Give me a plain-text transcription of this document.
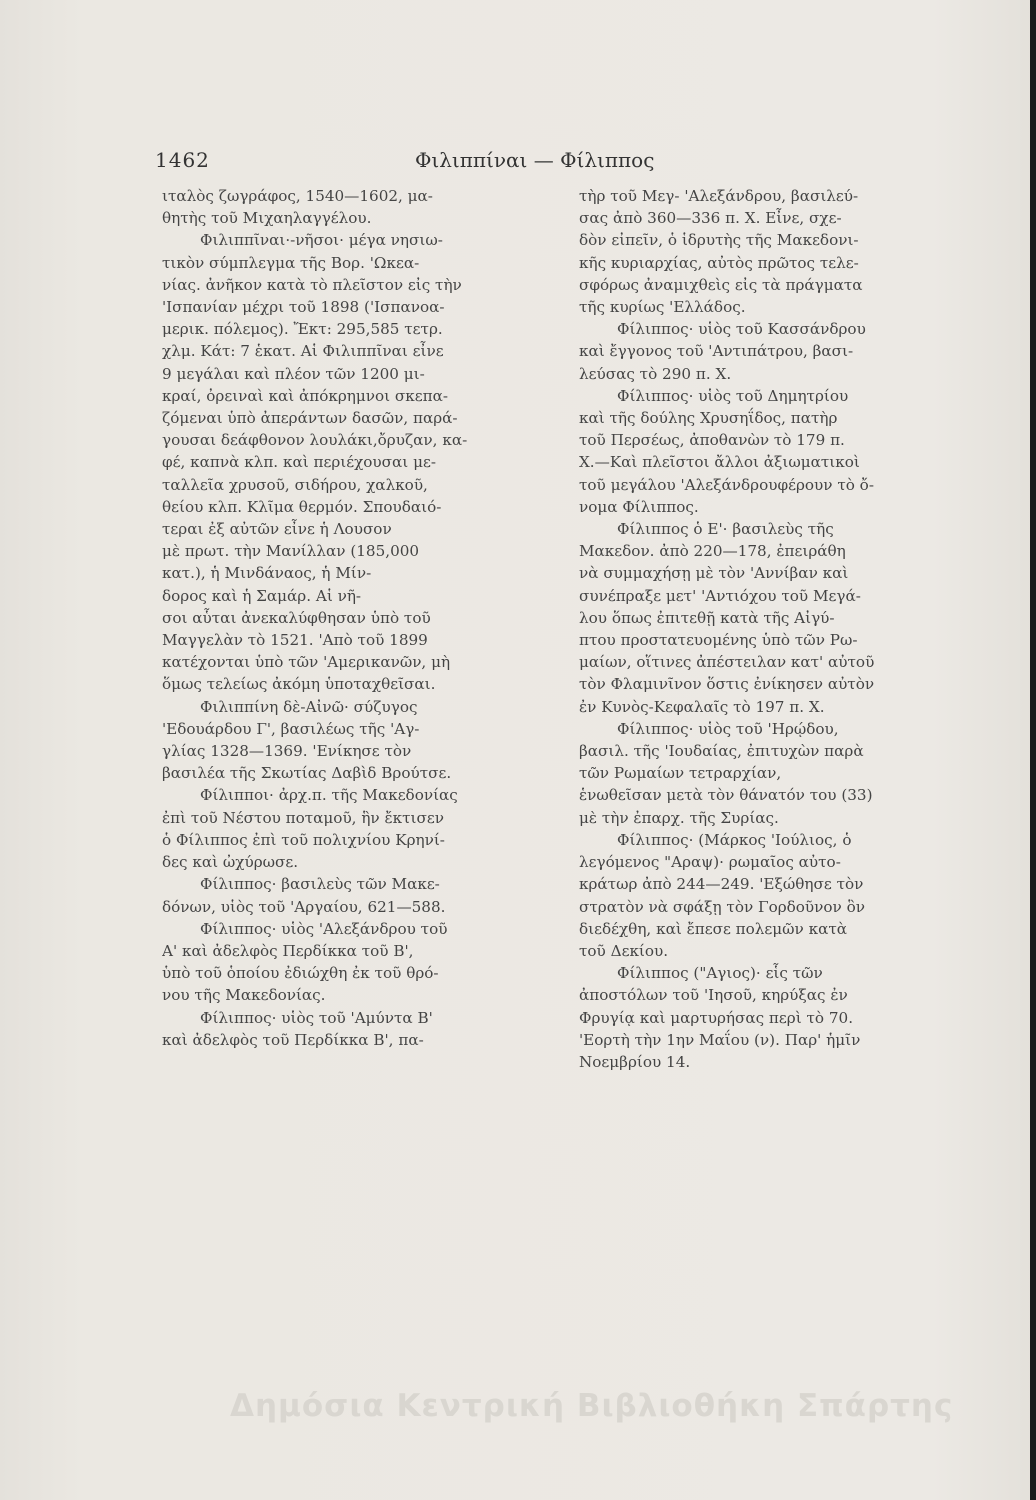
1462	Φιλιππίναι — Φίλιππος
ιταλὸς ζωγράφος, 1540—1602, μα-
θητὴς τοῦ Μιχαηλαγγέλου.
Φιλιππῖναι·-νῆσοι· μέγα νησιω-
τικὸν σύμπλεγμα τῆς Βορ. 'Ωκεα-
νίας. ἀνῆκον κατὰ τὸ πλεῖστον εἰς τὴν
'Ισπανίαν μέχρι τοῦ 1898 ('Ισπανοα-
μερικ. πόλεμος). Ἔκτ: 295,585 τετρ.
χλμ. Κάτ: 7 ἑκατ. Αἱ Φιλιππῖναι εἶνε
9 μεγάλαι καὶ πλέον τῶν 1200 μι-
κραί, ὀρειναὶ καὶ ἀπόκρημνοι σκεπα-
ζόμεναι ὑπὸ ἀπεράντων δασῶν, παρά-
γουσαι δεάφθονον λουλάκι,ὄρυζαν, κα-
φέ, καπνὰ κλπ. καὶ περιέχουσαι με-
ταλλεῖα χρυσοῦ, σιδήρου, χαλκοῦ,
θείου κλπ. Κλῖμα θερμόν. Σπουδαιό-
τεραι ἐξ αὐτῶν εἶνε ἡ Λουσον
μὲ πρωτ. τὴν Μανίλλαν (185,000
κατ.), ἡ Μινδάναος, ἡ Μίν-
δορος καὶ ἡ Σαμάρ. Αἱ νῆ-
σοι αὗται ἀνεκαλύφθησαν ὑπὸ τοῦ
Μαγγελὰν τὸ 1521. 'Απὸ τοῦ 1899
κατέχονται ὑπὸ τῶν 'Αμερικανῶν, μὴ
ὅμως τελείως ἀκόμη ὑποταχθεῖσαι.
Φιλιππίνη δὲ-Αἰνῶ· σύζυγος
'Εδουάρδου Γ', βασιλέως τῆς 'Αγ-
γλίας 1328—1369. 'Ενίκησε τὸν
βασιλέα τῆς Σκωτίας Δαβὶδ Βρούτσε.
Φίλιπποι· ἀρχ.π. τῆς Μακεδονίας
ἐπὶ τοῦ Νέστου ποταμοῦ, ἣν ἔκτισεν
ὁ Φίλιππος ἐπὶ τοῦ πολιχνίου Κρηνί-
δες καὶ ὠχύρωσε.
Φίλιππος· βασιλεὺς τῶν Μακε-
δόνων, υἱὸς τοῦ 'Αργαίου, 621—588.
Φίλιππος· υἱὸς 'Αλεξάνδρου τοῦ
Α' καὶ ἀδελφὸς Περδίκκα τοῦ Β',
ὑπὸ τοῦ ὁποίου ἐδιώχθη ἐκ τοῦ θρό-
νου τῆς Μακεδονίας.
Φίλιππος· υἱὸς τοῦ 'Αμύντα Β'
καὶ ἀδελφὸς τοῦ Περδίκκα Β', πα-
τὴρ τοῦ Μεγ- 'Αλεξάνδρου, βασιλεύ-
σας ἀπὸ 360—336 π. Χ. Εἶνε, σχε-
δὸν εἰπεῖν, ὁ ἱδρυτὴς τῆς Μακεδονι-
κῆς κυριαρχίας, αὐτὸς πρῶτος τελε-
σφόρως ἀναμιχθεὶς εἰς τὰ πράγματα
τῆς κυρίως 'Ελλάδος.
Φίλιππος· υἱὸς τοῦ Κασσάνδρου
καὶ ἔγγονος τοῦ 'Αντιπάτρου, βασι-
λεύσας τὸ 290 π. Χ.
Φίλιππος· υἱὸς τοῦ Δημητρίου
καὶ τῆς δούλης Χρυσηΐδος, πατὴρ
τοῦ Περσέως, ἀποθανὼν τὸ 179 π.
Χ.—Καὶ πλεῖστοι ἄλλοι ἀξιωματικοὶ
τοῦ μεγάλου 'Αλεξάνδρουφέρουν τὸ ὄ-
νομα Φίλιππος.
Φίλιππος ὁ Ε'· βασιλεὺς τῆς
Μακεδον. ἀπὸ 220—178, ἐπειράθη
νὰ συμμαχήσῃ μὲ τὸν 'Αννίβαν καὶ
συνέπραξε μετ' 'Αντιόχου τοῦ Μεγά-
λου ὅπως ἐπιτεθῇ κατὰ τῆς Αἰγύ-
πτου προστατευομένης ὑπὸ τῶν Ρω-
μαίων, οἵτινες ἀπέστειλαν κατ' αὐτοῦ
τὸν Φλαμινῖνον ὅστις ἐνίκησεν αὐτὸν
ἐν Κυνὸς-Κεφαλαῖς τὸ 197 π. Χ.
Φίλιππος· υἱὸς τοῦ 'Ηρῴδου,
βασιλ. τῆς 'Ιουδαίας, ἐπιτυχὼν παρὰ
τῶν Ρωμαίων τετραρχίαν,
ἑνωθεῖσαν μετὰ τὸν θάνατόν του (33)
μὲ τὴν ἐπαρχ. τῆς Συρίας.
Φίλιππος· (Μάρκος 'Ιούλιος, ὁ
λεγόμενος "Αραψ)· ρωμαῖος αὐτο-
κράτωρ ἀπὸ 244—249. 'Εξώθησε τὸν
στρατὸν νὰ σφάξῃ τὸν Γορδοῦνον ὃν
διεδέχθη, καὶ ἔπεσε πολεμῶν κατὰ
τοῦ Δεκίου.
Φίλιππος ("Αγιος)· εἷς τῶν
ἀποστόλων τοῦ 'Ιησοῦ, κηρύξας ἐν
Φρυγίᾳ καὶ μαρτυρήσας περὶ τὸ 70.
'Εορτὴ τὴν 1ην Μαΐου (ν). Παρ' ἡμῖν
Νοεμβρίου 14.
Δημόσια Κεντρική Βιβλιοθήκη Σπάρτης
